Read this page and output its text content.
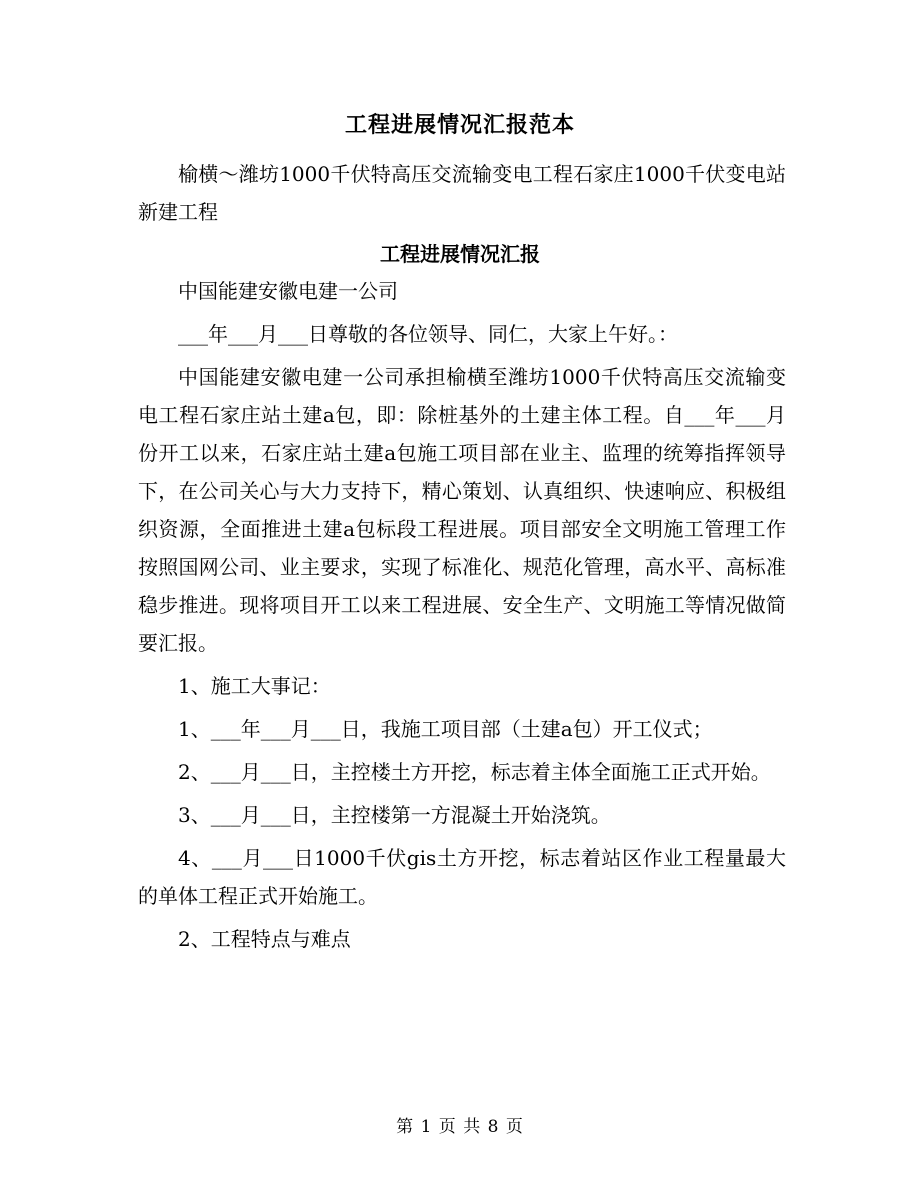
工程进展情况汇报范本

榆横～潍坊1000千伏特高压交流输变电工程石家庄1000千伏变电站新建工程

工程进展情况汇报

中国能建安徽电建一公司

___年___月___日尊敬的各位领导、同仁，大家上午好。：

中国能建安徽电建一公司承担榆横至潍坊1000千伏特高压交流输变电工程石家庄站土建a包，即：除桩基外的土建主体工程。自___年___月份开工以来，石家庄站土建a包施工项目部在业主、监理的统筹指挥领导下，在公司关心与大力支持下，精心策划、认真组织、快速响应、积极组织资源，全面推进土建a包标段工程进展。项目部安全文明施工管理工作按照国网公司、业主要求，实现了标准化、规范化管理，高水平、高标准稳步推进。现将项目开工以来工程进展、安全生产、文明施工等情况做简要汇报。

1、施工大事记：

1、___年___月___日，我施工项目部（土建a包）开工仪式；

2、___月___日，主控楼土方开挖，标志着主体全面施工正式开始。

3、___月___日，主控楼第一方混凝土开始浇筑。

4、___月___日1000千伏gis土方开挖，标志着站区作业工程量最大的单体工程正式开始施工。

2、工程特点与难点

第 1 页 共 8 页
